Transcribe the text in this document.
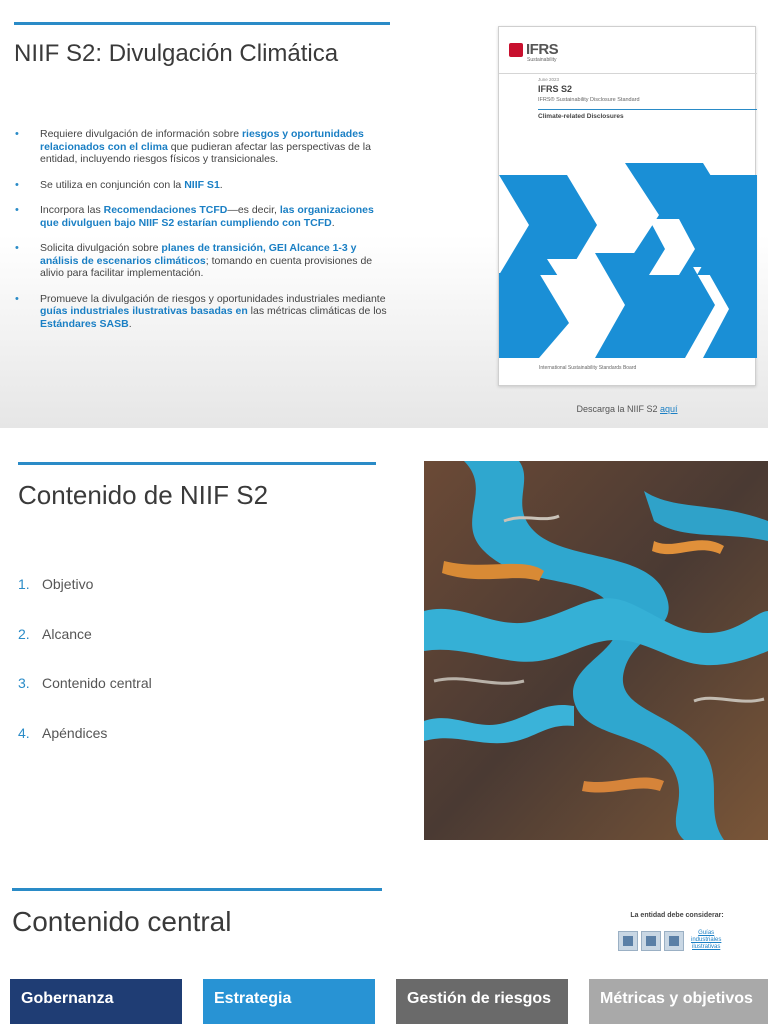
NIIF S2: Divulgación Climática
• Requiere divulgación de información sobre riesgos y oportunidades relacionados con el clima que pudieran afectar las perspectivas de la entidad, incluyendo riesgos físicos y transicionales.
• Se utiliza en conjunción con la NIIF S1.
• Incorpora las Recomendaciones TCFD—es decir, las organizaciones que divulguen bajo NIIF S2 estarían cumpliendo con TCFD.
• Solicita divulgación sobre planes de transición, GEI Alcance 1-3 y análisis de escenarios climáticos; tomando en cuenta provisiones de alivio para facilitar implementación.
• Promueve la divulgación de riesgos y oportunidades industriales mediante guías industriales ilustrativas basadas en las métricas climáticas de los Estándares SASB.
IFRS
Sustainability
June 2023
IFRS S2
IFRS® Sustainability Disclosure Standard
Climate-related Disclosures
International Sustainability Standards Board
Descarga la NIIF S2 aquí
Contenido de NIIF S2
1. Objetivo
2. Alcance
3. Contenido central
4. Apéndices
Contenido central	La entidad debe considerar:
Guías
industriales
ilustrativas
Gobernanza	Estrategia	Gestión de riesgos	Métricas y objetivos
